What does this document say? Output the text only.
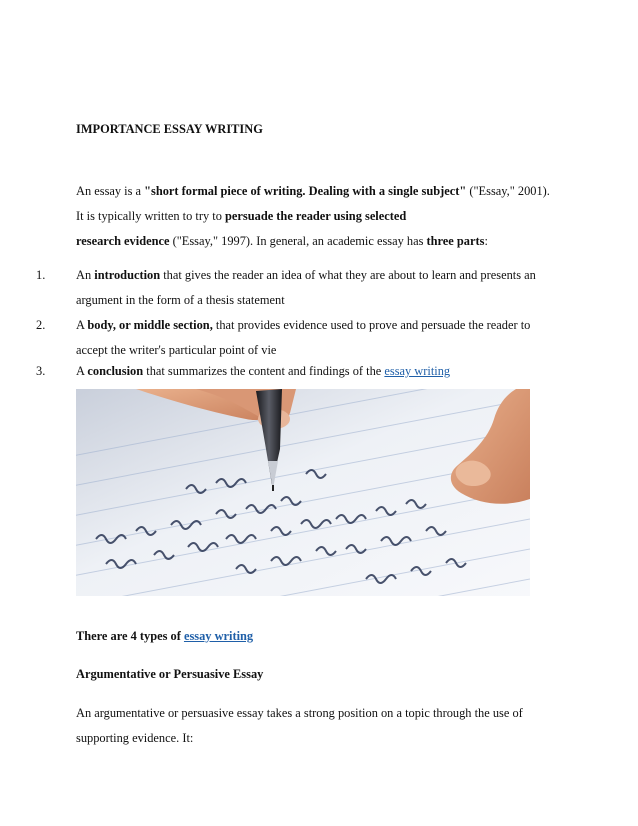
IMPORTANCE ESSAY WRITING
An essay is a "short formal piece of writing. Dealing with a single subject" ("Essay," 2001).
It is typically written to try to persuade the reader using selected
research evidence ("Essay," 1997). In general, an academic essay has three parts:
1. An introduction that gives the reader an idea of what they are about to learn and presents an
argument in the form of a thesis statement
2. A body, or middle section, that provides evidence used to prove and persuade the reader to
accept the writer's particular point of vie
3. A conclusion that summarizes the content and findings of the essay writing
There are 4 types of essay writing
Argumentative or Persuasive Essay
An argumentative or persuasive essay takes a strong position on a topic through the use of
supporting evidence. It:
